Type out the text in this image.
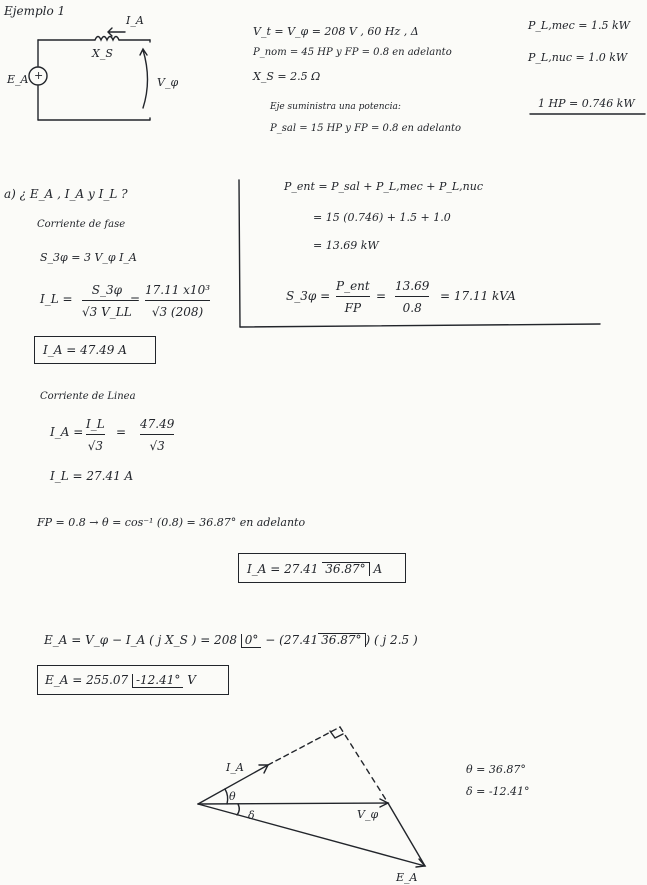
Ejemplo 1
I_A
X_S
E_A	V_φ
+
V_t = V_φ = 208 V , 60 Hz , Δ
P_nom = 45 HP y FP = 0.8 en adelanto
X_S = 2.5 Ω
Eje suministra una potencia:
P_sal = 15 HP y FP = 0.8 en adelanto
P_L,mec = 1.5 kW
P_L,nuc = 1.0 kW
1 HP = 0.746 kW
a) ¿ E_A , I_A y I_L ?
Corriente de fase
S_3φ = 3 V_φ I_A
I_L =
S_3φ
√3 V_LL
=
17.11 x10³
√3 (208)
I_A = 47.49 A
Corriente de Linea
I_A =
I_L
√3
=
47.49
√3
I_L = 27.41 A
FP = 0.8 → θ = cos⁻¹ (0.8) = 36.87° en adelanto
I_A = 27.41 36.87° A
E_A = V_φ − I_A ( j X_S ) = 208 0° − (27.41 36.87° ) ( j 2.5 )
E_A = 255.07 -12.41° V
P_ent = P_sal + P_L,mec + P_L,nuc
= 15 (0.746) + 1.5 + 1.0
= 13.69 kW
S_3φ =
P_ent
FP
=
13.69
0.8
= 17.11 kVA
I_A
θ
δ	V_φ
E_A
θ = 36.87°
δ = -12.41°
